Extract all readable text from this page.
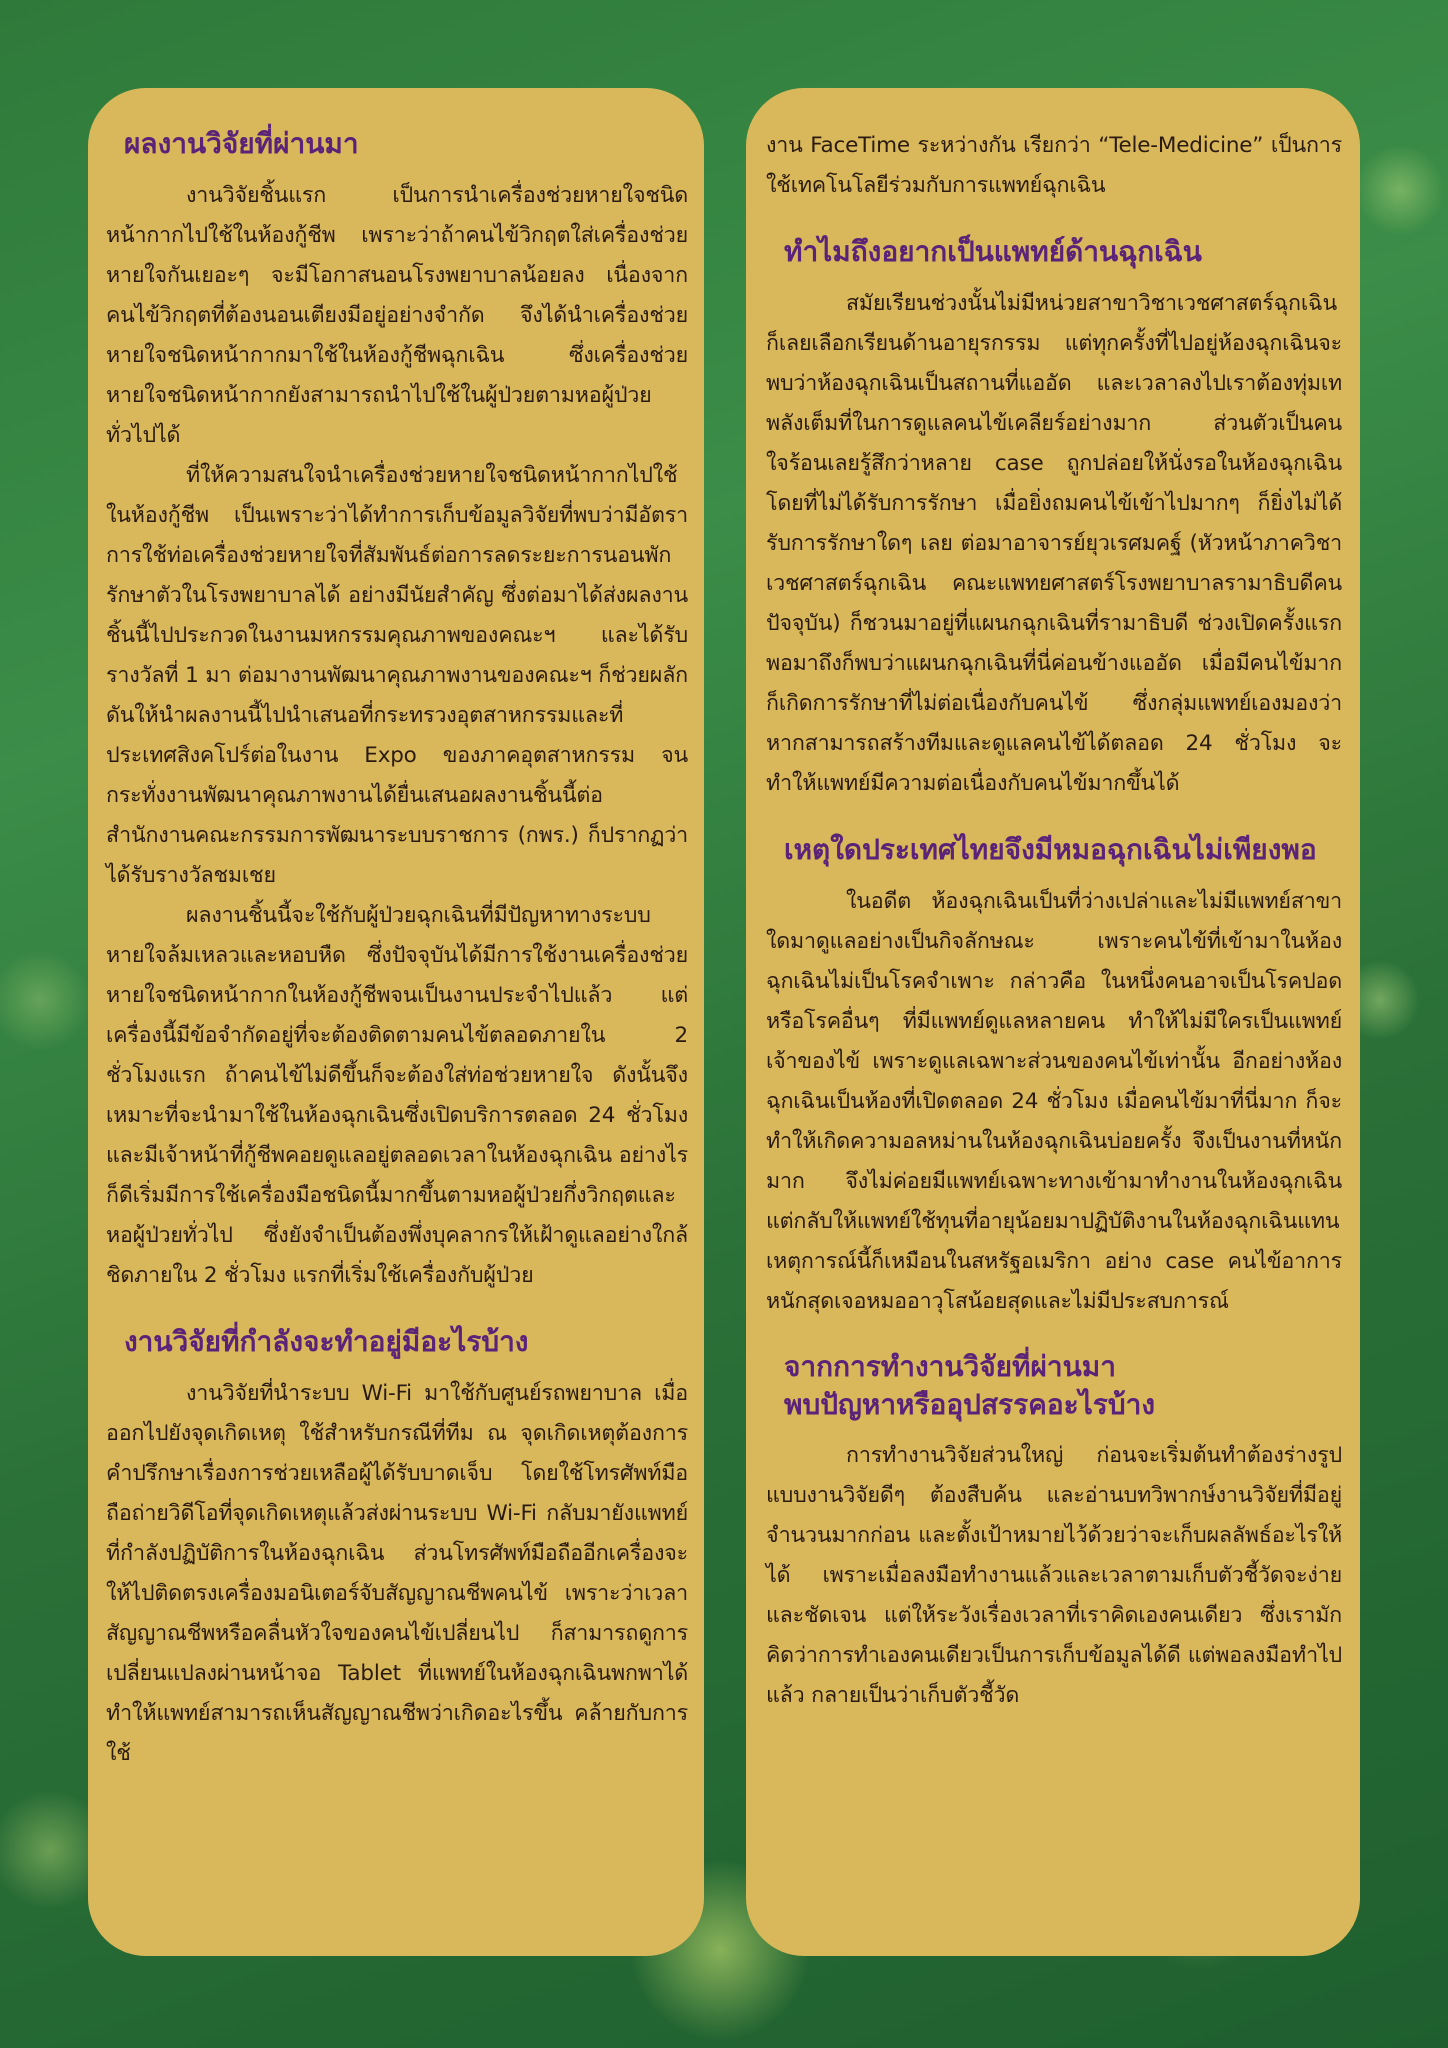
ผลงานวิจัยที่ผ่านมา

งานวิจัยชิ้นแรก เป็นการนำเครื่องช่วยหายใจชนิดหน้ากากไปใช้ในห้องกู้ชีพ เพราะว่าถ้าคนไข้วิกฤตใส่เครื่องช่วยหายใจกันเยอะๆ จะมีโอกาสนอนโรงพยาบาลน้อยลง เนื่องจากคนไข้วิกฤตที่ต้องนอนเตียงมีอยู่อย่างจำกัด จึงได้นำเครื่องช่วยหายใจชนิดหน้ากากมาใช้ในห้องกู้ชีพฉุกเฉิน ซึ่งเครื่องช่วยหายใจชนิดหน้ากากยังสามารถนำไปใช้ในผู้ป่วยตามหอผู้ป่วยทั่วไปได้

ที่ให้ความสนใจนำเครื่องช่วยหายใจชนิดหน้ากากไปใช้ในห้องกู้ชีพ เป็นเพราะว่าได้ทำการเก็บข้อมูลวิจัยที่พบว่ามีอัตราการใช้ท่อเครื่องช่วยหายใจที่สัมพันธ์ต่อการลดระยะการนอนพักรักษาตัวในโรงพยาบาลได้ อย่างมีนัยสำคัญ ซึ่งต่อมาได้ส่งผลงานชิ้นนี้ไปประกวดในงานมหกรรมคุณภาพของคณะฯ และได้รับรางวัลที่ 1 มา ต่อมางานพัฒนาคุณภาพงานของคณะฯ ก็ช่วยผลักดันให้นำผลงานนี้ไปนำเสนอที่กระทรวงอุตสาหกรรมและที่ประเทศสิงคโปร์ต่อในงาน Expo ของภาคอุตสาหกรรม จนกระทั่งงานพัฒนาคุณภาพงานได้ยื่นเสนอผลงานชิ้นนี้ต่อสำนักงานคณะกรรมการพัฒนาระบบราชการ (กพร.) ก็ปรากฏว่าได้รับรางวัลชมเชย

ผลงานชิ้นนี้จะใช้กับผู้ป่วยฉุกเฉินที่มีปัญหาทางระบบหายใจล้มเหลวและหอบหืด ซึ่งปัจจุบันได้มีการใช้งานเครื่องช่วยหายใจชนิดหน้ากากในห้องกู้ชีพจนเป็นงานประจำไปแล้ว แต่เครื่องนี้มีข้อจำกัดอยู่ที่จะต้องติดตามคนไข้ตลอดภายใน 2 ชั่วโมงแรก ถ้าคนไข้ไม่ดีขึ้นก็จะต้องใส่ท่อช่วยหายใจ ดังนั้นจึงเหมาะที่จะนำมาใช้ในห้องฉุกเฉินซึ่งเปิดบริการตลอด 24 ชั่วโมง และมีเจ้าหน้าที่กู้ชีพคอยดูแลอยู่ตลอดเวลาในห้องฉุกเฉิน อย่างไรก็ดีเริ่มมีการใช้เครื่องมือชนิดนี้มากขึ้นตามหอผู้ป่วยกึ่งวิกฤตและหอผู้ป่วยทั่วไป ซึ่งยังจำเป็นต้องพึ่งบุคลากรให้เฝ้าดูแลอย่างใกล้ชิดภายใน 2 ชั่วโมง แรกที่เริ่มใช้เครื่องกับผู้ป่วย

งานวิจัยที่กำลังจะทำอยู่มีอะไรบ้าง

งานวิจัยที่นำระบบ Wi-Fi มาใช้กับศูนย์รถพยาบาล เมื่อออกไปยังจุดเกิดเหตุ ใช้สำหรับกรณีที่ทีม ณ จุดเกิดเหตุต้องการคำปรึกษาเรื่องการช่วยเหลือผู้ได้รับบาดเจ็บ โดยใช้โทรศัพท์มือถือถ่ายวิดีโอที่จุดเกิดเหตุแล้วส่งผ่านระบบ Wi-Fi กลับมายังแพทย์ที่กำลังปฏิบัติการในห้องฉุกเฉิน ส่วนโทรศัพท์มือถืออีกเครื่องจะให้ไปติดตรงเครื่องมอนิเตอร์จับสัญญาณชีพคนไข้ เพราะว่าเวลาสัญญาณชีพหรือคลื่นหัวใจของคนไข้เปลี่ยนไป ก็สามารถดูการเปลี่ยนแปลงผ่านหน้าจอ Tablet ที่แพทย์ในห้องฉุกเฉินพกพาได้ ทำให้แพทย์สามารถเห็นสัญญาณชีพว่าเกิดอะไรขึ้น คล้ายกับการใช้

งาน FaceTime ระหว่างกัน เรียกว่า “Tele-Medicine” เป็นการใช้เทคโนโลยีร่วมกับการแพทย์ฉุกเฉิน

ทำไมถึงอยากเป็นแพทย์ด้านฉุกเฉิน

สมัยเรียนช่วงนั้นไม่มีหน่วยสาขาวิชาเวชศาสตร์ฉุกเฉิน ก็เลยเลือกเรียนด้านอายุรกรรม แต่ทุกครั้งที่ไปอยู่ห้องฉุกเฉินจะพบว่าห้องฉุกเฉินเป็นสถานที่แออัด และเวลาลงไปเราต้องทุ่มเทพลังเต็มที่ในการดูแลคนไข้เคลียร์อย่างมาก ส่วนตัวเป็นคนใจร้อนเลยรู้สึกว่าหลาย case ถูกปล่อยให้นั่งรอในห้องฉุกเฉินโดยที่ไม่ได้รับการรักษา เมื่อยิ่งถมคนไข้เข้าไปมากๆ ก็ยิ่งไม่ได้รับการรักษาใดๆ เลย ต่อมาอาจารย์ยุวเรศมคฐ์ (หัวหน้าภาควิชาเวชศาสตร์ฉุกเฉิน คณะแพทยศาสตร์โรงพยาบาลรามาธิบดีคนปัจจุบัน) ก็ชวนมาอยู่ที่แผนกฉุกเฉินที่รามาธิบดี ช่วงเปิดครั้งแรก พอมาถึงก็พบว่าแผนกฉุกเฉินที่นี่ค่อนข้างแออัด เมื่อมีคนไข้มาก ก็เกิดการรักษาที่ไม่ต่อเนื่องกับคนไข้ ซึ่งกลุ่มแพทย์เองมองว่า หากสามารถสร้างทีมและดูแลคนไข้ได้ตลอด 24 ชั่วโมง จะทำให้แพทย์มีความต่อเนื่องกับคนไข้มากขึ้นได้

เหตุใดประเทศไทยจึงมีหมอฉุกเฉินไม่เพียงพอ

ในอดีต ห้องฉุกเฉินเป็นที่ว่างเปล่าและไม่มีแพทย์สาขาใดมาดูแลอย่างเป็นกิจลักษณะ เพราะคนไข้ที่เข้ามาในห้องฉุกเฉินไม่เป็นโรคจำเพาะ กล่าวคือ ในหนึ่งคนอาจเป็นโรคปอดหรือโรคอื่นๆ ที่มีแพทย์ดูแลหลายคน ทำให้ไม่มีใครเป็นแพทย์เจ้าของไข้ เพราะดูแลเฉพาะส่วนของคนไข้เท่านั้น อีกอย่างห้องฉุกเฉินเป็นห้องที่เปิดตลอด 24 ชั่วโมง เมื่อคนไข้มาที่นี่มาก ก็จะทำให้เกิดความอลหม่านในห้องฉุกเฉินบ่อยครั้ง จึงเป็นงานที่หนักมาก จึงไม่ค่อยมีแพทย์เฉพาะทางเข้ามาทำงานในห้องฉุกเฉิน แต่กลับให้แพทย์ใช้ทุนที่อายุน้อยมาปฏิบัติงานในห้องฉุกเฉินแทน เหตุการณ์นี้ก็เหมือนในสหรัฐอเมริกา อย่าง case คนไข้อาการหนักสุดเจอหมออาวุโสน้อยสุดและไม่มีประสบการณ์

จากการทำงานวิจัยที่ผ่านมา
พบปัญหาหรืออุปสรรคอะไรบ้าง

การทำงานวิจัยส่วนใหญ่ ก่อนจะเริ่มต้นทำต้องร่างรูปแบบงานวิจัยดีๆ ต้องสืบค้น และอ่านบทวิพากษ์งานวิจัยที่มีอยู่จำนวนมากก่อน และตั้งเป้าหมายไว้ด้วยว่าจะเก็บผลลัพธ์อะไรให้ได้ เพราะเมื่อลงมือทำงานแล้วและเวลาตามเก็บตัวชี้วัดจะง่ายและชัดเจน แต่ให้ระวังเรื่องเวลาที่เราคิดเองคนเดียว ซึ่งเรามักคิดว่าการทำเองคนเดียวเป็นการเก็บข้อมูลได้ดี แต่พอลงมือทำไปแล้ว กลายเป็นว่าเก็บตัวชี้วัด
